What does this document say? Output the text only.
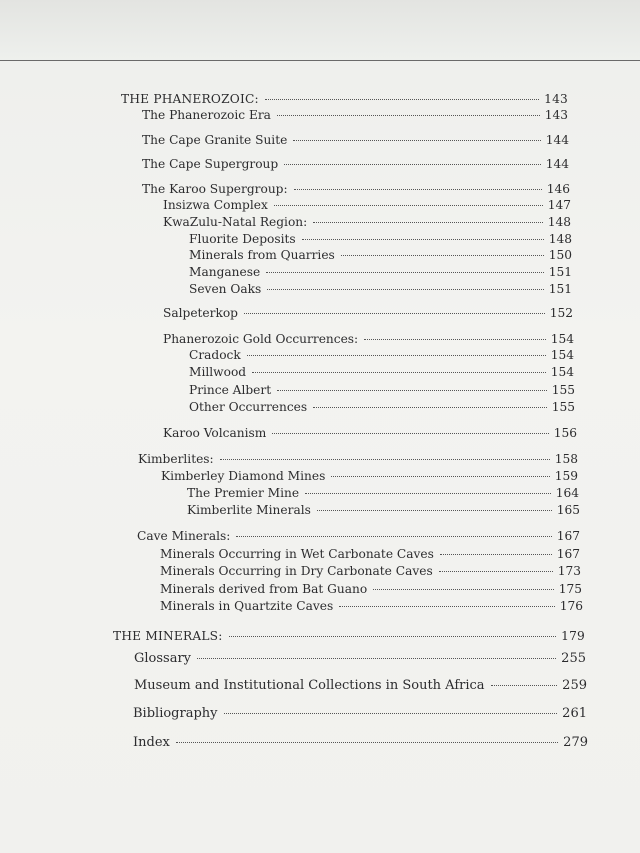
THE PHANEROZOIC:	143
The Phanerozoic Era	143
The Cape Granite Suite	144
The Cape Supergroup	144
The Karoo Supergroup:	146
Insizwa Complex	147
KwaZulu-Natal Region:	148
Fluorite Deposits	148
Minerals from Quarries	150
Manganese	151
Seven Oaks	151
Salpeterkop	152
Phanerozoic Gold Occurrences:	154
Cradock	154
Millwood	154
Prince Albert	155
Other Occurrences	155
Karoo Volcanism	156
Kimberlites:	158
Kimberley Diamond Mines	159
The Premier Mine	164
Kimberlite Minerals	165
Cave Minerals:	167
Minerals Occurring in Wet Carbonate Caves	167
Minerals Occurring in Dry Carbonate Caves	173
Minerals derived from Bat Guano	175
Minerals in Quartzite Caves	176
THE MINERALS:	179
Glossary	255
Museum and Institutional Collections in South Africa	259
Bibliography	261
Index	279
